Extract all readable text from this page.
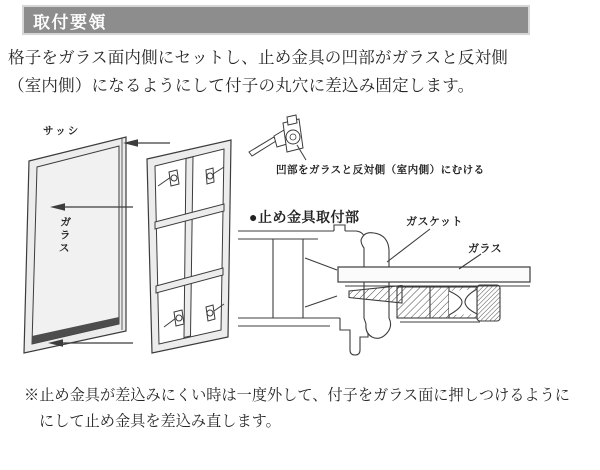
取付要領
格子をガラス面内側にセットし、止め金具の凹部がガラスと反対側
（室内側）になるようにして付子の丸穴に差込み固定します。
サッシ
ガラス
凹部をガラスと反対側（室内側）にむける
●止め金具取付部	ガスケット
ガラス
※止め金具が差込みにくい時は一度外して、付子をガラス面に押しつけるように
にして止め金具を差込み直します。
